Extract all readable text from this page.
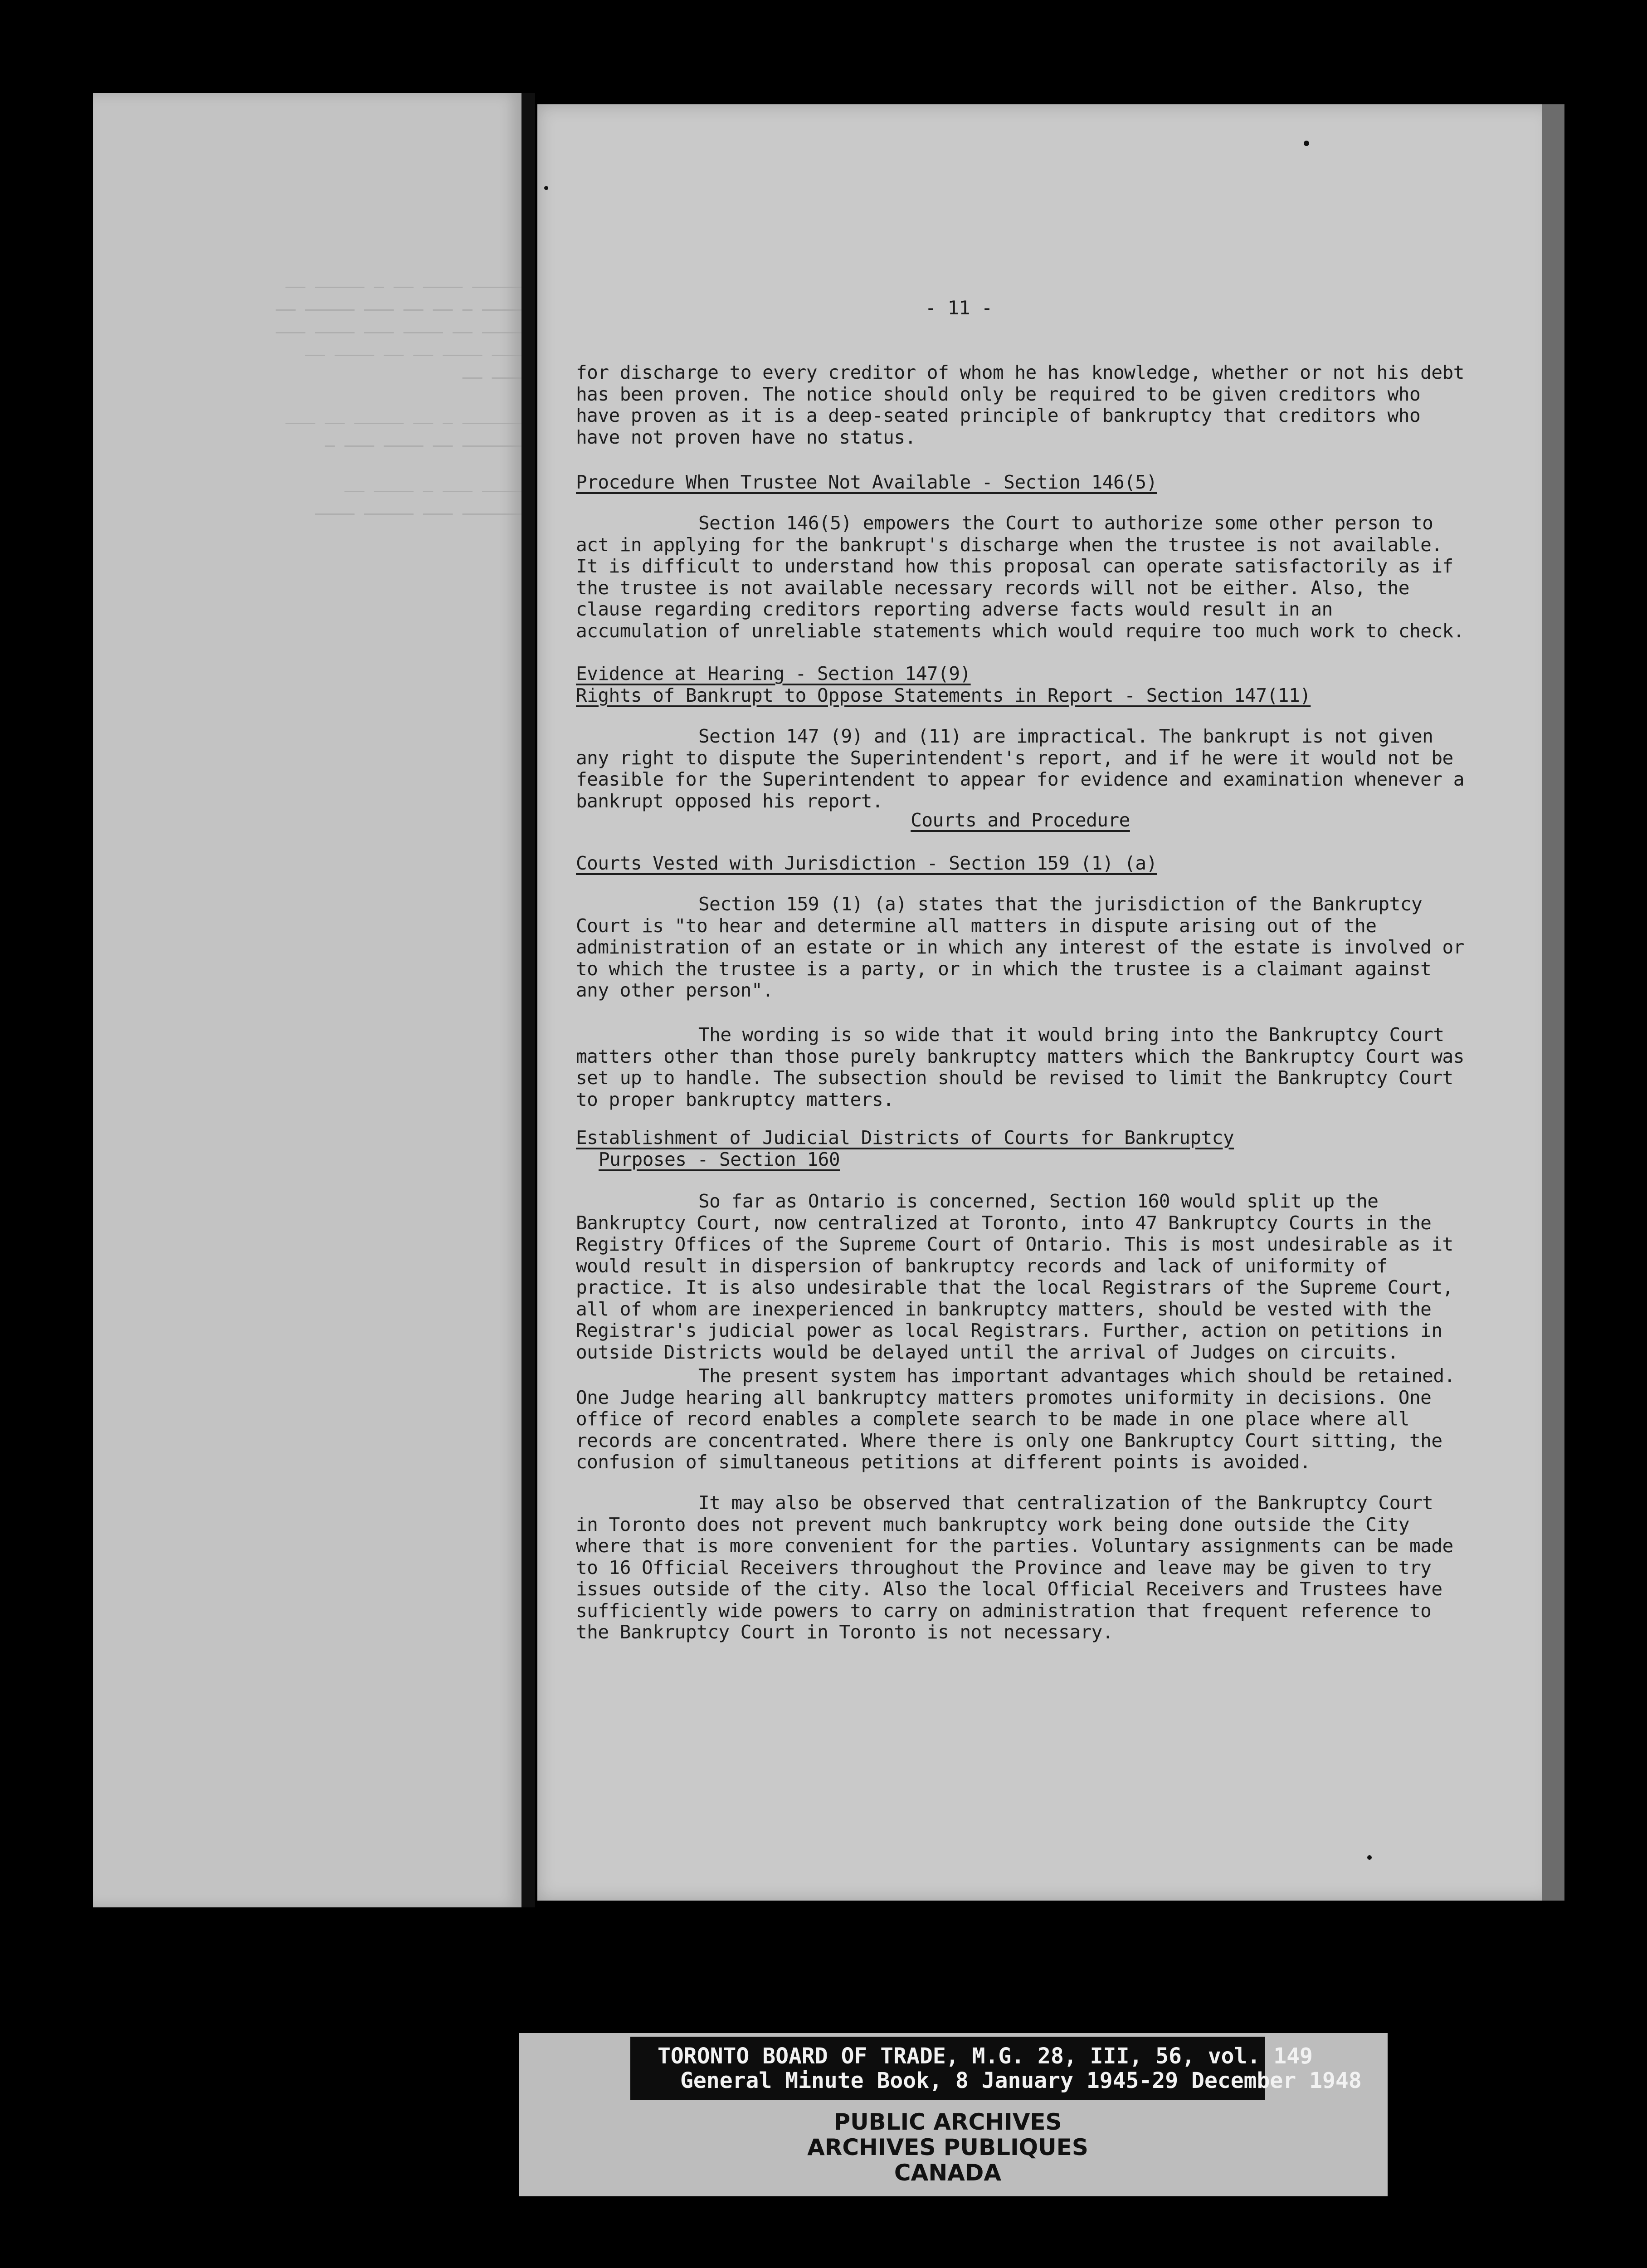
───── ──── ── ─ ───── ──
──── ─ ── ── ─── ───── ──
──── ── ──── ─── ──── ───
─── ──── ── ── ──── ──
─── ──

────── ─ ── ───── ── ───
────── ── ──── ─── ─

──── ─── ─ ──── ──
────── ─── ───── ────

- 11 -

for discharge to every creditor of whom he has knowledge, whether or not his debt has been proven. The notice should only be required to be given creditors who have proven as it is a deep-seated principle of bankruptcy that creditors who have not proven have no status.

Procedure When Trustee Not Available - Section 146(5)

Section 146(5) empowers the Court to authorize some other person to act in applying for the bankrupt's discharge when the trustee is not available. It is difficult to understand how this proposal can operate satisfactorily as if the trustee is not available necessary records will not be either. Also, the clause regarding creditors reporting adverse facts would result in an accumulation of unreliable statements which would require too much work to check.

Evidence at Hearing - Section 147(9)

Rights of Bankrupt to Oppose Statements in Report - Section 147(11)

Section 147 (9) and (11) are impractical. The bankrupt is not given any right to dispute the Superintendent's report, and if he were it would not be feasible for the Superintendent to appear for evidence and examination whenever a bankrupt opposed his report.

Courts and Procedure

Courts Vested with Jurisdiction - Section 159 (1) (a)

Section 159 (1) (a) states that the jurisdiction of the Bankruptcy Court is "to hear and determine all matters in dispute arising out of the administration of an estate or in which any interest of the estate is involved or to which the trustee is a party, or in which the trustee is a claimant against any other person".

The wording is so wide that it would bring into the Bankruptcy Court matters other than those purely bankruptcy matters which the Bankruptcy Court was set up to handle. The subsection should be revised to limit the Bankruptcy Court to proper bankruptcy matters.

Establishment of Judicial Districts of Courts for Bankruptcy

Purposes - Section 160

So far as Ontario is concerned, Section 160 would split up the Bankruptcy Court, now centralized at Toronto, into 47 Bankruptcy Courts in the Registry Offices of the Supreme Court of Ontario. This is most undesirable as it would result in dispersion of bankruptcy records and lack of uniformity of practice. It is also undesirable that the local Registrars of the Supreme Court, all of whom are inexperienced in bankruptcy matters, should be vested with the Registrar's judicial power as local Registrars. Further, action on petitions in outside Districts would be delayed until the arrival of Judges on circuits.

The present system has important advantages which should be retained. One Judge hearing all bankruptcy matters promotes uniformity in decisions. One office of record enables a complete search to be made in one place where all records are concentrated. Where there is only one Bankruptcy Court sitting, the confusion of simultaneous petitions at different points is avoided.

It may also be observed that centralization of the Bankruptcy Court in Toronto does not prevent much bankruptcy work being done outside the City where that is more convenient for the parties. Voluntary assignments can be made to 16 Official Receivers throughout the Province and leave may be given to try issues outside of the city. Also the local Official Receivers and Trustees have sufficiently wide powers to carry on administration that frequent reference to the Bankruptcy Court in Toronto is not necessary.

TORONTO BOARD OF TRADE, M.G. 28, III, 56, vol. 149
General Minute Book, 8 January 1945-29 December 1948
PUBLIC ARCHIVES
ARCHIVES PUBLIQUES
CANADA
